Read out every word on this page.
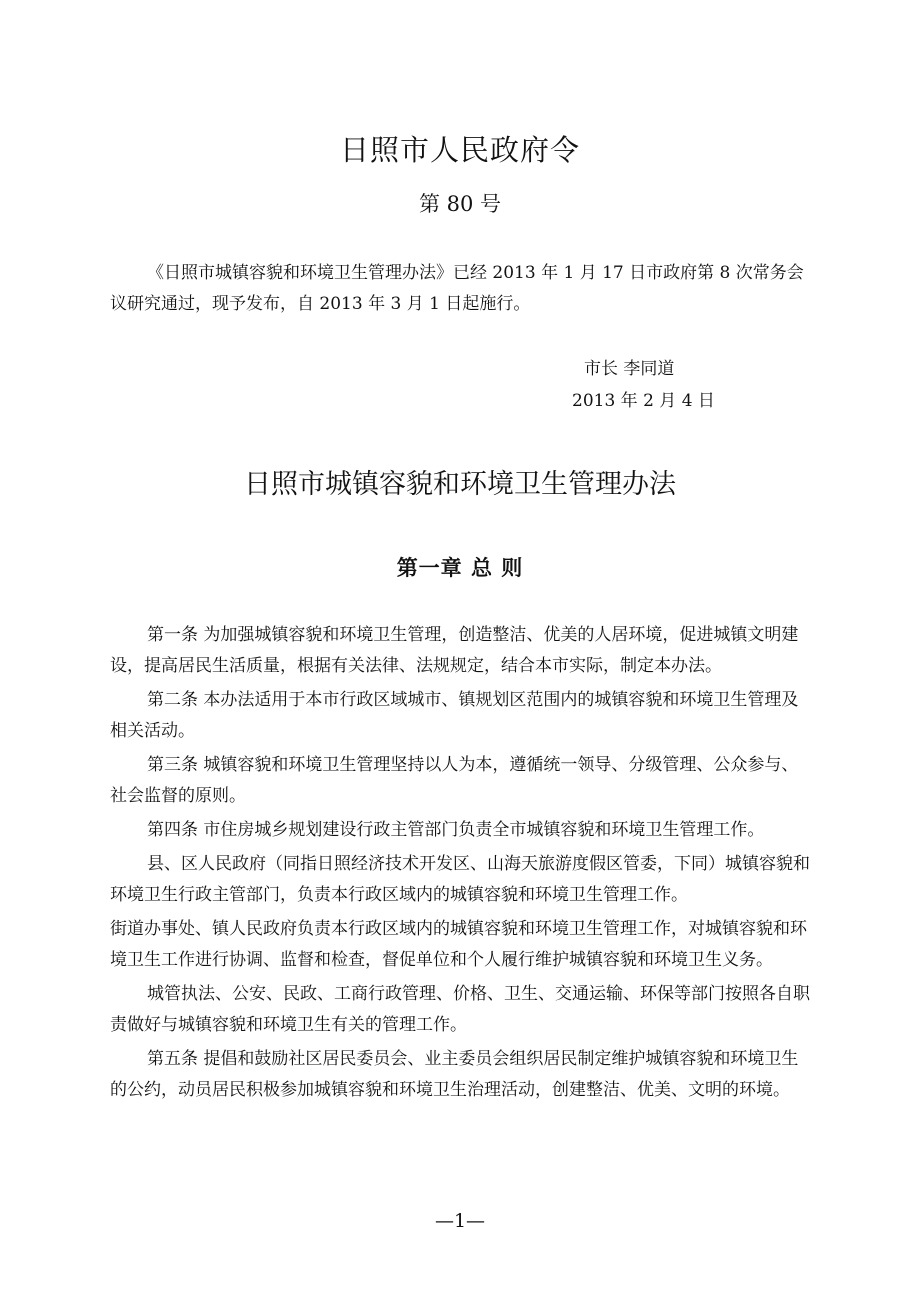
日照市人民政府令
第 80 号

《日照市城镇容貌和环境卫生管理办法》已经 2013 年 1 月 17 日市政府第 8 次常务会议研究通过，现予发布，自 2013 年 3 月 1 日起施行。

市长 李同道
2013 年 2 月 4 日
日照市城镇容貌和环境卫生管理办法
第一章 总 则

第一条 为加强城镇容貌和环境卫生管理，创造整洁、优美的人居环境，促进城镇文明建设，提高居民生活质量，根据有关法律、法规规定，结合本市实际，制定本办法。

第二条 本办法适用于本市行政区域城市、镇规划区范围内的城镇容貌和环境卫生管理及相关活动。

第三条 城镇容貌和环境卫生管理坚持以人为本，遵循统一领导、分级管理、公众参与、社会监督的原则。

第四条 市住房城乡规划建设行政主管部门负责全市城镇容貌和环境卫生管理工作。

县、区人民政府（同指日照经济技术开发区、山海天旅游度假区管委，下同）城镇容貌和环境卫生行政主管部门，负责本行政区域内的城镇容貌和环境卫生管理工作。

街道办事处、镇人民政府负责本行政区域内的城镇容貌和环境卫生管理工作，对城镇容貌和环境卫生工作进行协调、监督和检查，督促单位和个人履行维护城镇容貌和环境卫生义务。

城管执法、公安、民政、工商行政管理、价格、卫生、交通运输、环保等部门按照各自职责做好与城镇容貌和环境卫生有关的管理工作。

第五条 提倡和鼓励社区居民委员会、业主委员会组织居民制定维护城镇容貌和环境卫生的公约，动员居民积极参加城镇容貌和环境卫生治理活动，创建整洁、优美、文明的环境。

—1—
